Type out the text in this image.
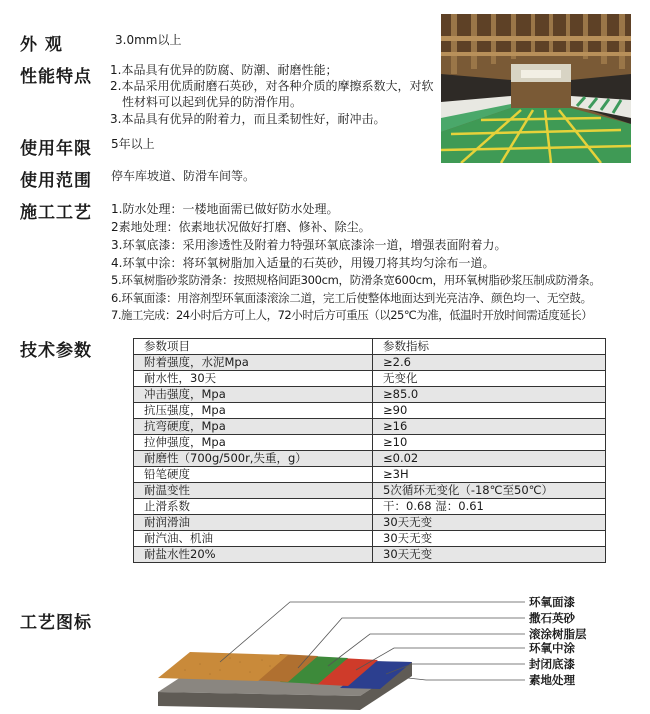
外 观	3.0mm以上
性能特点 1.本品具有优异的防腐、防潮、耐磨性能；
2.本品采用优质耐磨石英砂，对各种介质的摩擦系数大，对软
性材料可以起到优异的防滑作用。
3.本品具有优异的附着力，而且柔韧性好，耐冲击。
使用年限 5年以上
使用范围 停车库坡道、防滑车间等。
施工工艺 1.防水处理：一楼地面需已做好防水处理。
2素地处理：依素地状况做好打磨、修补、除尘。
3.环氧底漆：采用渗透性及附着力特强环氧底漆涂一道，增强表面附着力。
4.环氧中涂：将环氧树脂加入适量的石英砂，用镘刀将其均匀涂布一道。
5.环氧树脂砂浆防滑条：按照规格间距300cm，防滑条宽600cm，用环氧树脂砂浆压制成防滑条。
6.环氧面漆：用溶剂型环氧面漆滚涂二道，完工后使整体地面达到光亮洁净、颜色均一、无空鼓。
7.施工完成：24小时后方可上人，72小时后方可重压（以25℃为准，低温时开放时间需适度延长）
技术参数	参数项目	参数指标
附着强度，水泥Mpa	≥2.6
耐水性，30天	无变化
冲击强度，Mpa	≥85.0
抗压强度，Mpa	≥90
抗弯硬度，Mpa	≥16
拉伸强度，Mpa	≥10
耐磨性（700g/500r,失重，g）	≤0.02
铅笔硬度	≥3H
耐温变性	5次循环无变化（-18℃至50℃）
止滑系数	干：0.68 湿：0.61
耐润滑油	30天无变
耐汽油、机油	30天无变
耐盐水性20%	30天无变
工艺图标
环氧面漆
撒石英砂
滚涂树脂层
环氧中涂
封闭底漆
素地处理
